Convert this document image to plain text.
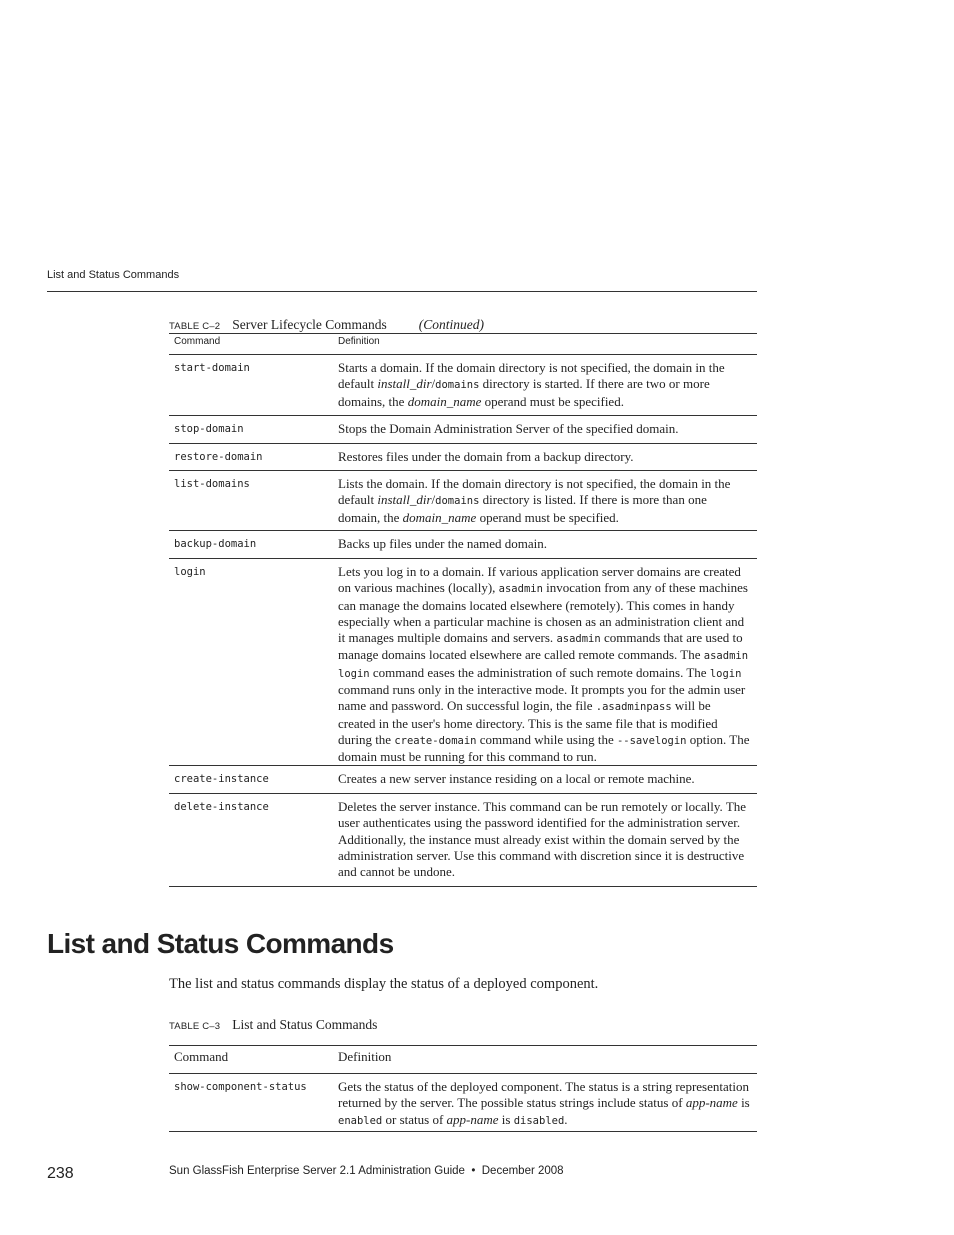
List and Status Commands
TABLE C–2 Server Lifecycle Commands (Continued)
Command	Definition
start-domain	Starts a domain. If the domain directory is not specified, the domain in the default install_dir/domains directory is started. If there are two or more domains, the domain_name operand must be specified.
stop-domain	Stops the Domain Administration Server of the specified domain.
restore-domain	Restores files under the domain from a backup directory.
list-domains	Lists the domain. If the domain directory is not specified, the domain in the default install_dir/domains directory is listed. If there is more than one domain, the domain_name operand must be specified.
backup-domain	Backs up files under the named domain.
login	Lets you log in to a domain. If various application server domains are created on various machines (locally), asadmin invocation from any of these machines can manage the domains located elsewhere (remotely). This comes in handy especially when a particular machine is chosen as an administration client and it manages multiple domains and servers. asadmin commands that are used to manage domains located elsewhere are called remote commands. The asadmin login command eases the administration of such remote domains. The login command runs only in the interactive mode. It prompts you for the admin user name and password. On successful login, the file .asadminpass will be created in the user's home directory. This is the same file that is modified during the create-domain command while using the --savelogin option. The domain must be running for this command to run.
create-instance	Creates a new server instance residing on a local or remote machine.
delete-instance	Deletes the server instance. This command can be run remotely or locally. The user authenticates using the password identified for the administration server. Additionally, the instance must already exist within the domain served by the administration server. Use this command with discretion since it is destructive and cannot be undone.
List and Status Commands

The list and status commands display the status of a deployed component.

TABLE C–3 List and Status Commands
Command	Definition
show-component-status	Gets the status of the deployed component. The status is a string representation returned by the server. The possible status strings include status of app-name is enabled or status of app-name is disabled.
238	Sun GlassFish Enterprise Server 2.1 Administration Guide  •  December 2008
